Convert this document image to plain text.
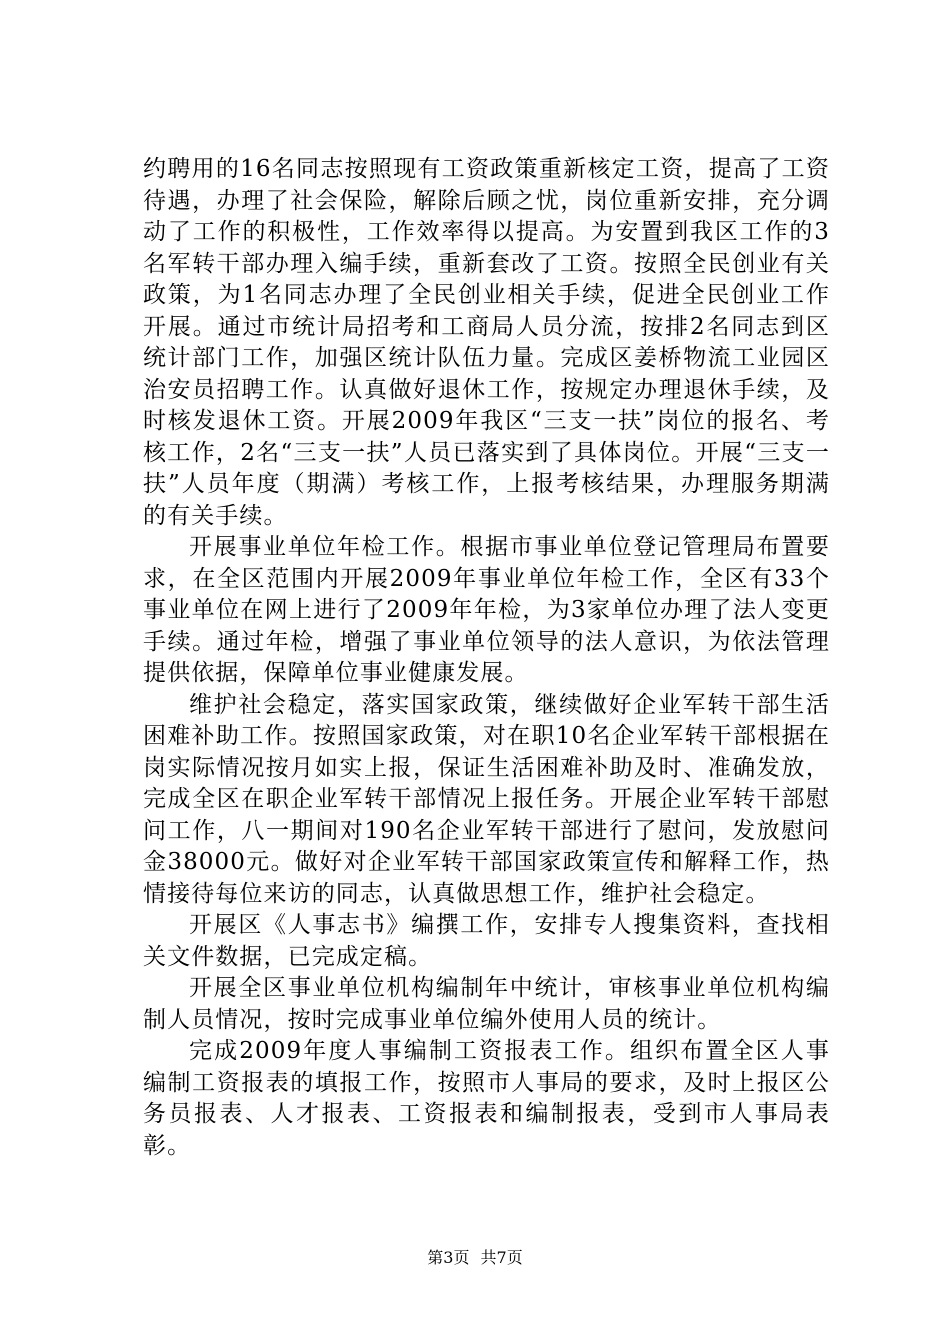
约聘用的16名同志按照现有工资政策重新核定工资，提高了工资待遇，办理了社会保险，解除后顾之忧，岗位重新安排，充分调动了工作的积极性，工作效率得以提高。为安置到我区工作的3名军转干部办理入编手续，重新套改了工资。按照全民创业有关政策，为1名同志办理了全民创业相关手续，促进全民创业工作开展。通过市统计局招考和工商局人员分流，按排2名同志到区统计部门工作，加强区统计队伍力量。完成区姜桥物流工业园区治安员招聘工作。认真做好退休工作，按规定办理退休手续，及时核发退休工资。开展2009年我区“三支一扶”岗位的报名、考核工作，2名“三支一扶”人员已落实到了具体岗位。开展“三支一扶”人员年度（期满）考核工作，上报考核结果，办理服务期满的有关手续。

开展事业单位年检工作。根据市事业单位登记管理局布置要求，在全区范围内开展2009年事业单位年检工作，全区有33个事业单位在网上进行了2009年年检，为3家单位办理了法人变更手续。通过年检，增强了事业单位领导的法人意识，为依法管理提供依据，保障单位事业健康发展。

维护社会稳定，落实国家政策，继续做好企业军转干部生活困难补助工作。按照国家政策，对在职10名企业军转干部根据在岗实际情况按月如实上报，保证生活困难补助及时、准确发放，完成全区在职企业军转干部情况上报任务。开展企业军转干部慰问工作，八一期间对190名企业军转干部进行了慰问，发放慰问金38000元。做好对企业军转干部国家政策宣传和解释工作，热情接待每位来访的同志，认真做思想工作，维护社会稳定。

开展区《人事志书》编撰工作，安排专人搜集资料，查找相关文件数据，已完成定稿。

开展全区事业单位机构编制年中统计，审核事业单位机构编制人员情况，按时完成事业单位编外使用人员的统计。

完成2009年度人事编制工资报表工作。组织布置全区人事编制工资报表的填报工作，按照市人事局的要求，及时上报区公务员报表、人才报表、工资报表和编制报表，受到市人事局表彰。

第3页 共7页
